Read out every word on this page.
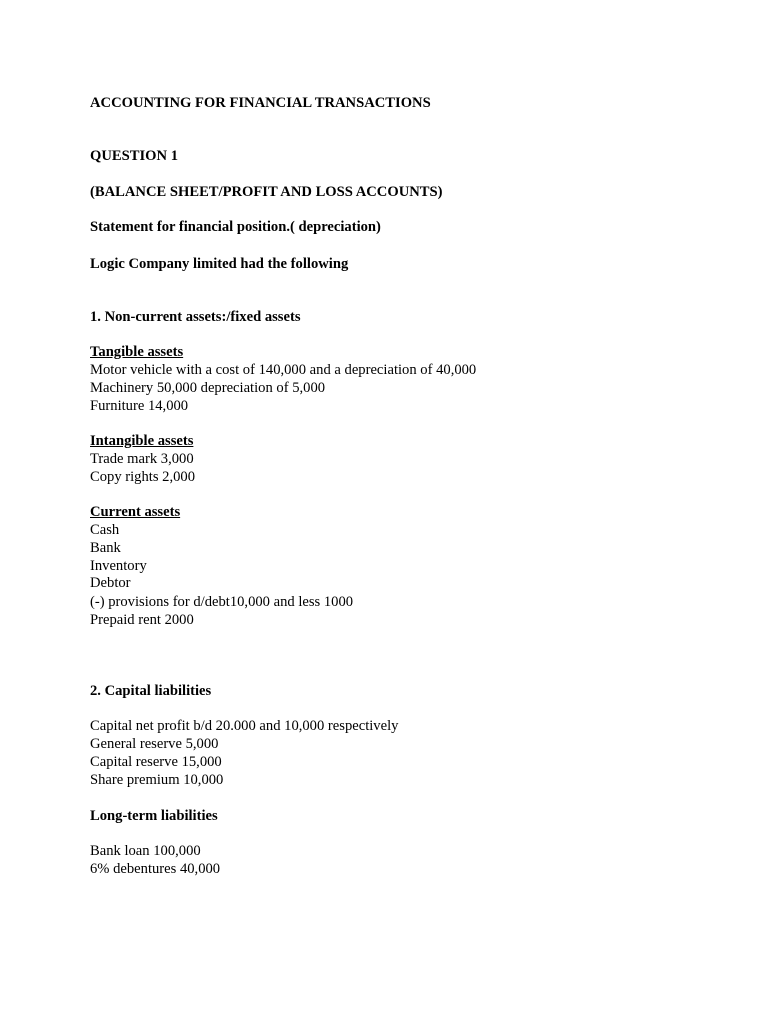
ACCOUNTING FOR FINANCIAL TRANSACTIONS
QUESTION 1
(BALANCE SHEET/PROFIT AND LOSS ACCOUNTS)
Statement for financial position.( depreciation)
Logic Company limited had the following
1. Non-current assets:/fixed assets
Tangible assets
Motor vehicle with a cost of 140,000 and a depreciation of 40,000
Machinery 50,000 depreciation of 5,000
Furniture 14,000
Intangible assets
Trade mark 3,000
Copy rights 2,000
Current assets
Cash
Bank
Inventory
Debtor
(-) provisions for d/debt10,000 and less 1000
Prepaid rent 2000
2. Capital liabilities
Capital net profit b/d 20.000 and 10,000 respectively
General reserve 5,000
Capital reserve 15,000
Share premium 10,000
Long-term liabilities
Bank loan 100,000
6% debentures 40,000
